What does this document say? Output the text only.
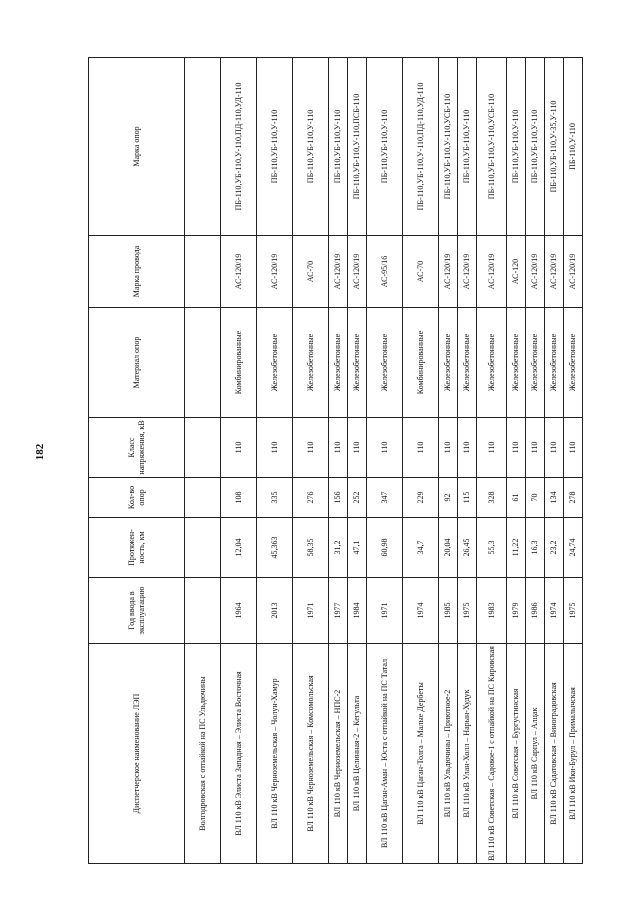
182
Диспетчерское наименование ЛЭП	Год ввода в эксплуатацию	Протяжен-ность, км	Кол-во опор	Класс напряжения, кВ	Материал опор	Марка провода	Марка опор
Волгодровская с отпайкой на ПС Ульдючины							
ВЛ 110 кВ Элиста Западная – Элиста Восточная	1964	12,04	108	110	Комбинированные	АС-120/19	ПБ-110,УБ-110,У-110,ПД-110,УД-110
ВЛ 110 кВ Черноземельская – Чолун-Хамур	2013	45,363	335	110	Железобетонные	АС-120/19	ПБ-110,УБ-110,У-110
ВЛ 110 кВ Черноземельская – Комсомольская	1971	58,35	276	110	Железобетонные	АС-70	ПБ-110,УБ-110,У-110
ВЛ 110 кВ Черноземельская – НПС-2	1977	31,2	156	110	Железобетонные	АС-120/19	ПБ-110,УБ-110,У-110
ВЛ 110 кВ Целинная-2 – Кегульта	1984	47,1	252	110	Железобетонные	АС-120/19	ПБ-110,УБ-110,У-110,ПСБ-110
ВЛ 110 кВ Цаган-Аман – Юста с отпайкой на ПС Татал	1971	60,98	347	110	Железобетонные	АС-95/16	ПБ-110,УБ-110,У-110
ВЛ 110 кВ Цаган-Толга – Малые Дербеты	1974	34,7	229	110	Комбинированные	АС-70	ПБ-110,УБ-110,У-110,ПД-110,УД-110
ВЛ 110 кВ Ульдючины – Приютное-2	1985	20,04	92	110	Железобетонные	АС-120/19	ПБ-110,УБ-110,У-110,УСБ-110
ВЛ 110 кВ Улан-Холл – Нарын-Худук	1975	26,45	115	110	Железобетонные	АС-120/19	ПБ-110,УБ-110,У-110
ВЛ 110 кВ Советская – Садовое-1 с отпайкой на ПС Кировская	1983	55,3	328	110	Железобетонные	АС-120/19	ПБ-110,УБ-110,У-110,УСБ-110
ВЛ 110 кВ Советская – Бургустинская	1979	11,22	61	110	Железобетонные	АС-120	ПБ-110,УБ-110,У-110
ВЛ 110 кВ Сарпул – Алцак	1986	16,3	70	110	Железобетонные	АС-120/19	ПБ-110,УБ-110,У-110
ВЛ 110 кВ Садатовская – Виноградовская	1974	23,2	134	110	Железобетонные	АС-120/19	ПБ-110,УБ-110,У-35,У-110
ВЛ 110 кВ Ики-Бурул – Прималычская	1975	24,74	278	110	Железобетонные	АС-120/19	ПБ-110,У-110
